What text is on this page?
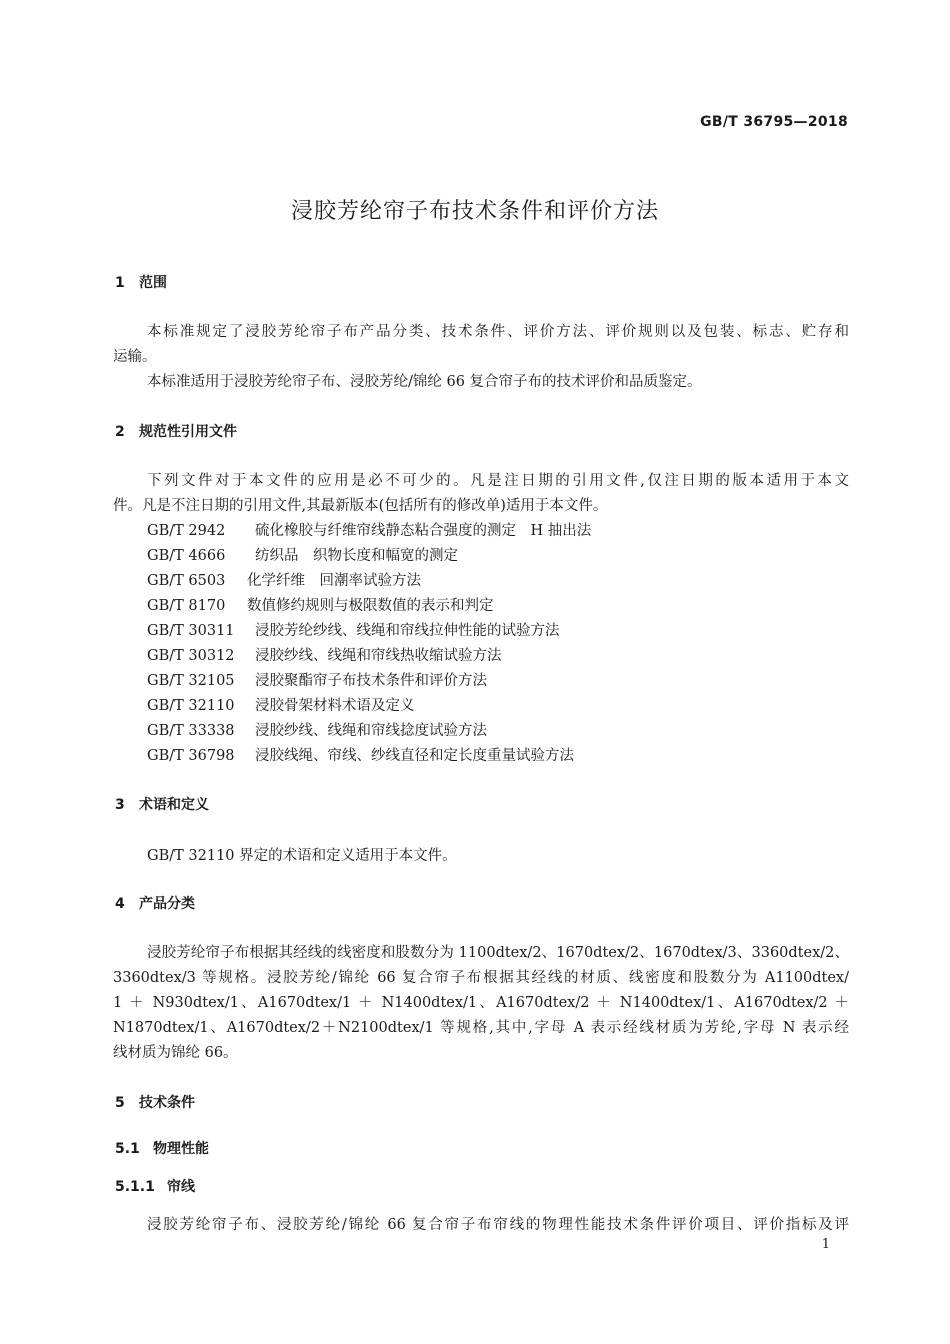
GB/T 36795—2018
浸胶芳纶帘子布技术条件和评价方法
1 范围
本标准规定了浸胶芳纶帘子布产品分类、技术条件、评价方法、评价规则以及包装、标志、贮存和
运输。
本标准适用于浸胶芳纶帘子布、浸胶芳纶/锦纶 66 复合帘子布的技术评价和品质鉴定。
2 规范性引用文件
下列文件对于本文件的应用是必不可少的。凡是注日期的引用文件,仅注日期的版本适用于本文
件。凡是不注日期的引用文件,其最新版本(包括所有的修改单)适用于本文件。
GB/T 2942 硫化橡胶与纤维帘线静态粘合强度的测定　H 抽出法
GB/T 4666 纺织品　织物长度和幅宽的测定
GB/T 6503 化学纤维　回潮率试验方法
GB/T 8170 数值修约规则与极限数值的表示和判定
GB/T 30311 浸胶芳纶纱线、线绳和帘线拉伸性能的试验方法
GB/T 30312 浸胶纱线、线绳和帘线热收缩试验方法
GB/T 32105 浸胶聚酯帘子布技术条件和评价方法
GB/T 32110 浸胶骨架材料术语及定义
GB/T 33338 浸胶纱线、线绳和帘线捻度试验方法
GB/T 36798 浸胶线绳、帘线、纱线直径和定长度重量试验方法
3 术语和定义
GB/T 32110 界定的术语和定义适用于本文件。
4 产品分类
浸胶芳纶帘子布根据其经线的线密度和股数分为 1100dtex/2、1670dtex/2、1670dtex/3、3360dtex/2、
3360dtex/3 等规格。浸胶芳纶/锦纶 66 复合帘子布根据其经线的材质、线密度和股数分为 A1100dtex/
1 ＋ N930dtex/1、A1670dtex/1 ＋ N1400dtex/1、A1670dtex/2 ＋ N1400dtex/1、A1670dtex/2 ＋
N1870dtex/1、A1670dtex/2＋N2100dtex/1 等规格,其中,字母 A 表示经线材质为芳纶,字母 N 表示经
线材质为锦纶 66。
5 技术条件
5.1 物理性能
5.1.1 帘线
浸胶芳纶帘子布、浸胶芳纶/锦纶 66 复合帘子布帘线的物理性能技术条件评价项目、评价指标及评
1
